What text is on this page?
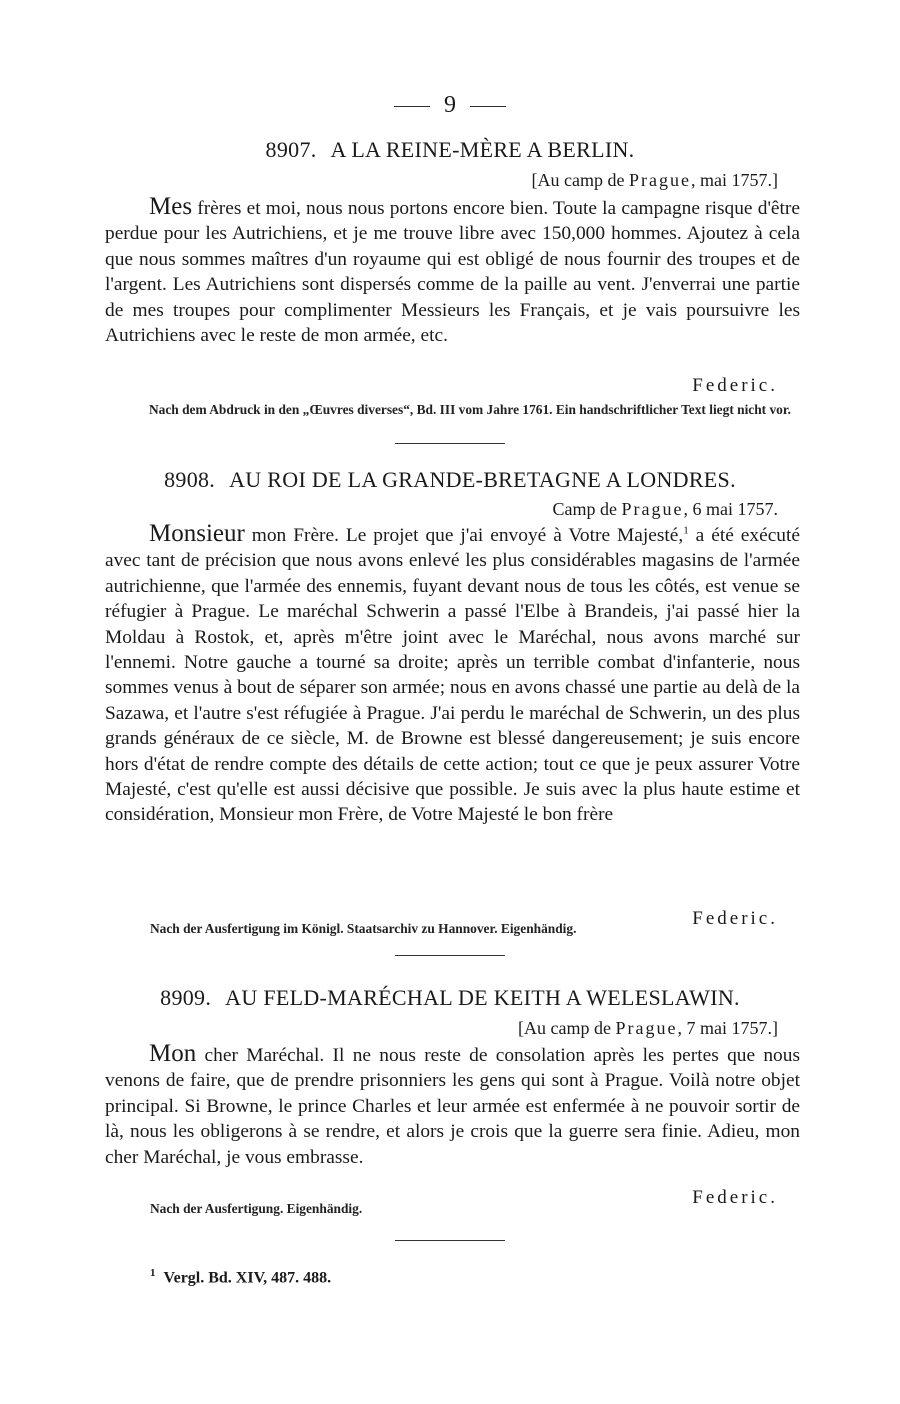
9
8907. A LA REINE-MÈRE A BERLIN.
[Au camp de Prague, mai 1757.]
Mes frères et moi, nous nous portons encore bien. Toute la campagne risque d'être perdue pour les Autrichiens, et je me trouve libre avec 150,000 hommes. Ajoutez à cela que nous sommes maîtres d'un royaume qui est obligé de nous fournir des troupes et de l'argent. Les Autrichiens sont dispersés comme de la paille au vent. J'enverrai une partie de mes troupes pour complimenter Messieurs les Français, et je vais poursuivre les Autrichiens avec le reste de mon armée, etc.
Federic.
Nach dem Abdruck in den „Œuvres diverses“, Bd. III vom Jahre 1761. Ein handschriftlicher Text liegt nicht vor.
8908. AU ROI DE LA GRANDE-BRETAGNE A LONDRES.
Camp de Prague, 6 mai 1757.
Monsieur mon Frère. Le projet que j'ai envoyé à Votre Majesté,$^1$ a été exécuté avec tant de précision que nous avons enlevé les plus considérables magasins de l'armée autrichienne, que l'armée des ennemis, fuyant devant nous de tous les côtés, est venue se réfugier à Prague. Le maréchal Schwerin a passé l'Elbe à Brandeis, j'ai passé hier la Moldau à Rostok, et, après m'être joint avec le Maréchal, nous avons marché sur l'ennemi. Notre gauche a tourné sa droite; après un terrible combat d'infanterie, nous sommes venus à bout de séparer son armée; nous en avons chassé une partie au delà de la Sazawa, et l'autre s'est réfugiée à Prague. J'ai perdu le maréchal de Schwerin, un des plus grands généraux de ce siècle, M. de Browne est blessé dangereusement; je suis encore hors d'état de rendre compte des détails de cette action; tout ce que je peux assurer Votre Majesté, c'est qu'elle est aussi décisive que possible. Je suis avec la plus haute estime et considération, Monsieur mon Frère, de Votre Majesté le bon frère
Federic.
Nach der Ausfertigung im Königl. Staatsarchiv zu Hannover. Eigenhändig.
8909. AU FELD-MARÉCHAL DE KEITH A WELESLAWIN.
[Au camp de Prague, 7 mai 1757.]
Mon cher Maréchal. Il ne nous reste de consolation après les pertes que nous venons de faire, que de prendre prisonniers les gens qui sont à Prague. Voilà notre objet principal. Si Browne, le prince Charles et leur armée est enfermée à ne pouvoir sortir de là, nous les obligerons à se rendre, et alors je crois que la guerre sera finie. Adieu, mon cher Maréchal, je vous embrasse.
Federic.
Nach der Ausfertigung. Eigenhändig.
$^1$ Vergl. Bd. XIV, 487. 488.
